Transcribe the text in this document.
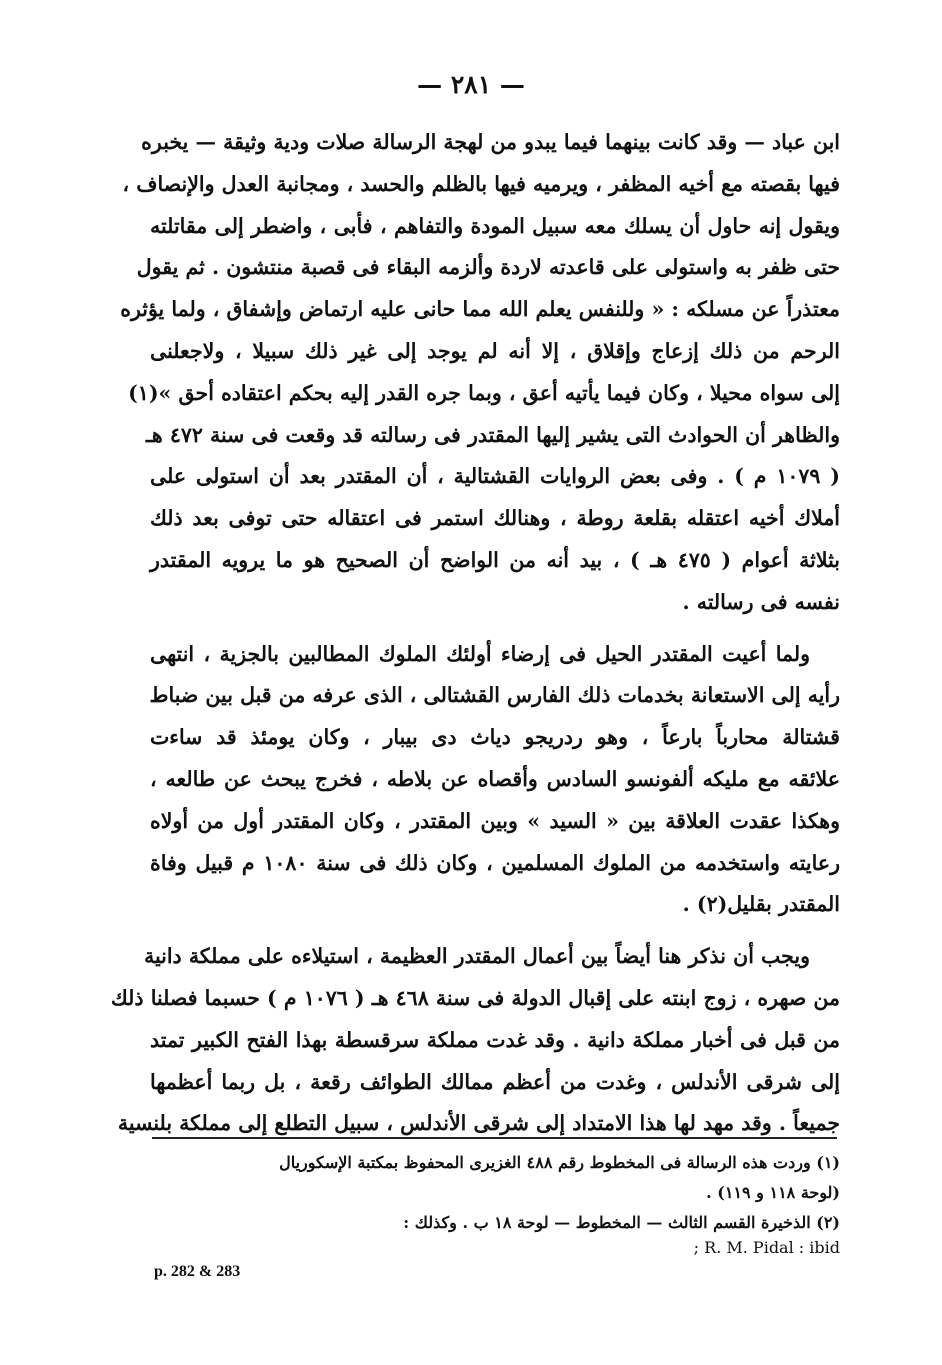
— ٢٨١ —
ابن عباد — وقد كانت بينهما فيما يبدو من لهجة الرسالة صلات ودية وثيقة — يخبره
فيها بقصته مع أخيه المظفر ، ويرميه فيها بالظلم والحسد ، ومجانبة العدل والإنصاف ،
ويقول إنه حاول أن يسلك معه سبيل المودة والتفاهم ، فأبى ، واضطر إلى مقاتلته
حتى ظفر به واستولى على قاعدته لاردة وألزمه البقاء فى قصبة منتشون . ثم يقول
معتذراً عن مسلكه : « وللنفس يعلم الله مما حانى عليه ارتماض وإشفاق ، ولما يؤثره
الرحم من ذلك إزعاج وإقلاق ، إلا أنه لم يوجد إلى غير ذلك سبيلا ، ولاجعلنى
إلى سواه محيلا ، وكان فيما يأتيه أعق ، وبما جره القدر إليه بحكم اعتقاده أحق »(١)
والظاهر أن الحوادث التى يشير إليها المقتدر فى رسالته قد وقعت فى سنة ٤٧٢ هـ
( ١٠٧٩ م ) . وفى بعض الروايات القشتالية ، أن المقتدر بعد أن استولى على
أملاك أخيه اعتقله بقلعة روطة ، وهنالك استمر فى اعتقاله حتى توفى بعد ذلك
بثلاثة أعوام ( ٤٧٥ هـ ) ، بيد أنه من الواضح أن الصحيح هو ما يرويه المقتدر
نفسه فى رسالته .
ولما أعيت المقتدر الحيل فى إرضاء أولئك الملوك المطالبين بالجزية ، انتهى
رأيه إلى الاستعانة بخدمات ذلك الفارس القشتالى ، الذى عرفه من قبل بين ضباط
قشتالة محارباً بارعاً ، وهو ردريجو دياث دى بيبار ، وكان يومئذ قد ساءت
علائقه مع مليكه ألفونسو السادس وأقصاه عن بلاطه ، فخرج يبحث عن طالعه ،
وهكذا عقدت العلاقة بين « السيد » وبين المقتدر ، وكان المقتدر أول من أولاه
رعايته واستخدمه من الملوك المسلمين ، وكان ذلك فى سنة ١٠٨٠ م قبيل وفاة
المقتدر بقليل(٢) .
ويجب أن نذكر هنا أيضاً بين أعمال المقتدر العظيمة ، استيلاءه على مملكة دانية
من صهره ، زوج ابنته على إقبال الدولة فى سنة ٤٦٨ هـ ( ١٠٧٦ م ) حسبما فصلنا ذلك
من قبل فى أخبار مملكة دانية . وقد غدت مملكة سرقسطة بهذا الفتح الكبير تمتد
إلى شرقى الأندلس ، وغدت من أعظم ممالك الطوائف رقعة ، بل ربما أعظمها
جميعاً . وقد مهد لها هذا الامتداد إلى شرقى الأندلس ، سبيل التطلع إلى مملكة بلنسية
(١) وردت هذه الرسالة فى المخطوط رقم ٤٨٨ الغزيرى المحفوظ بمكتبة الإسكوريال
(لوحة ١١٨ و ١١٩) .
(٢) الذخيرة القسم الثالث — المخطوط — لوحة ١٨ ب . وكذلك :
R. M. Pidal : ibid ;
p. 282 & 283
